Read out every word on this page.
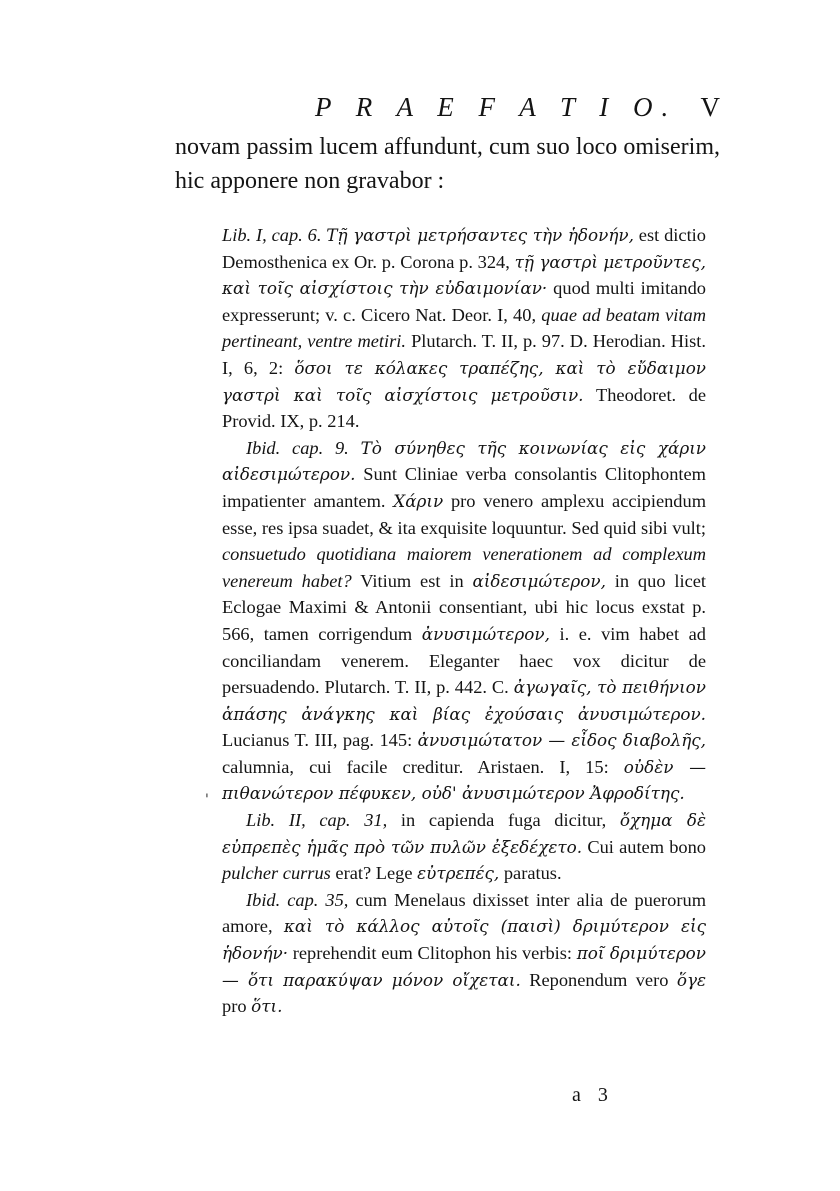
P R A E F A T I O. V

novam passim lucem affundunt, cum suo loco omiserim, hic apponere non gravabor :

'

Lib. I, cap. 6. Τῇ γαστρὶ μετρήσαντες τὴν ἡδονήν, est dictio Demosthenica ex Or. p. Corona p. 324, τῇ γαστρὶ μετροῦντες, καὶ τοῖς αἰσχίστοις τὴν εὐδαιμονίαν· quod multi imitando expresserunt; v. c. Cicero Nat. Deor. I, 40, quae ad beatam vitam pertineant, ventre metiri. Plutarch. T. II, p. 97. D. Herodian. Hist. I, 6, 2: ὅσοι τε κόλακες τραπέζης, καὶ τὸ εὔδαιμον γαστρὶ καὶ τοῖς αἰσχίστοις μετροῦσιν. Theodoret. de Provid. IX, p. 214.

Ibid. cap. 9. Τὸ σύνηθες τῆς κοινωνίας εἰς χάριν αἰδεσιμώτερον. Sunt Cliniae verba consolantis Clitophontem impatienter amantem. Χάριν pro venero amplexu accipiendum esse, res ipsa suadet, & ita exquisite loquuntur. Sed quid sibi vult; consuetudo quotidiana maiorem venerationem ad complexum venereum habet? Vitium est in αἰδεσιμώτερον, in quo licet Eclogae Maximi & Antonii consentiant, ubi hic locus exstat p. 566, tamen corrigendum ἀνυσιμώτερον, i. e. vim habet ad conciliandam venerem. Eleganter haec vox dicitur de persuadendo. Plutarch. T. II, p. 442. C. ἀγωγαῖς, τὸ πειθήνιον ἁπάσης ἀνάγκης καὶ βίας ἐχούσαις ἀνυσιμώτερον. Lucianus T. III, pag. 145: ἀνυσιμώτατον — εἶδος διαβολῆς, calumnia, cui facile creditur. Aristaen. I, 15: οὐδὲν — πιθανώτερον πέφυκεν, οὐδ' ἀνυσιμώτερον Ἀφροδίτης.

Lib. II, cap. 31, in capienda fuga dicitur, ὄχημα δὲ εὐπρεπὲς ἡμᾶς πρὸ τῶν πυλῶν ἐξεδέχετο. Cui autem bono pulcher currus erat? Lege εὐτρεπές, paratus.

Ibid. cap. 35, cum Menelaus dixisset inter alia de puerorum amore, καὶ τὸ κάλλος αὐτοῖς (παισὶ) δριμύτερον εἰς ἡδονήν· reprehendit eum Clitophon his verbis: ποῖ δριμύτερον — ὅτι παρακύψαν μόνον οἴχεται. Reponendum vero ὅγε pro ὅτι.

a 3
